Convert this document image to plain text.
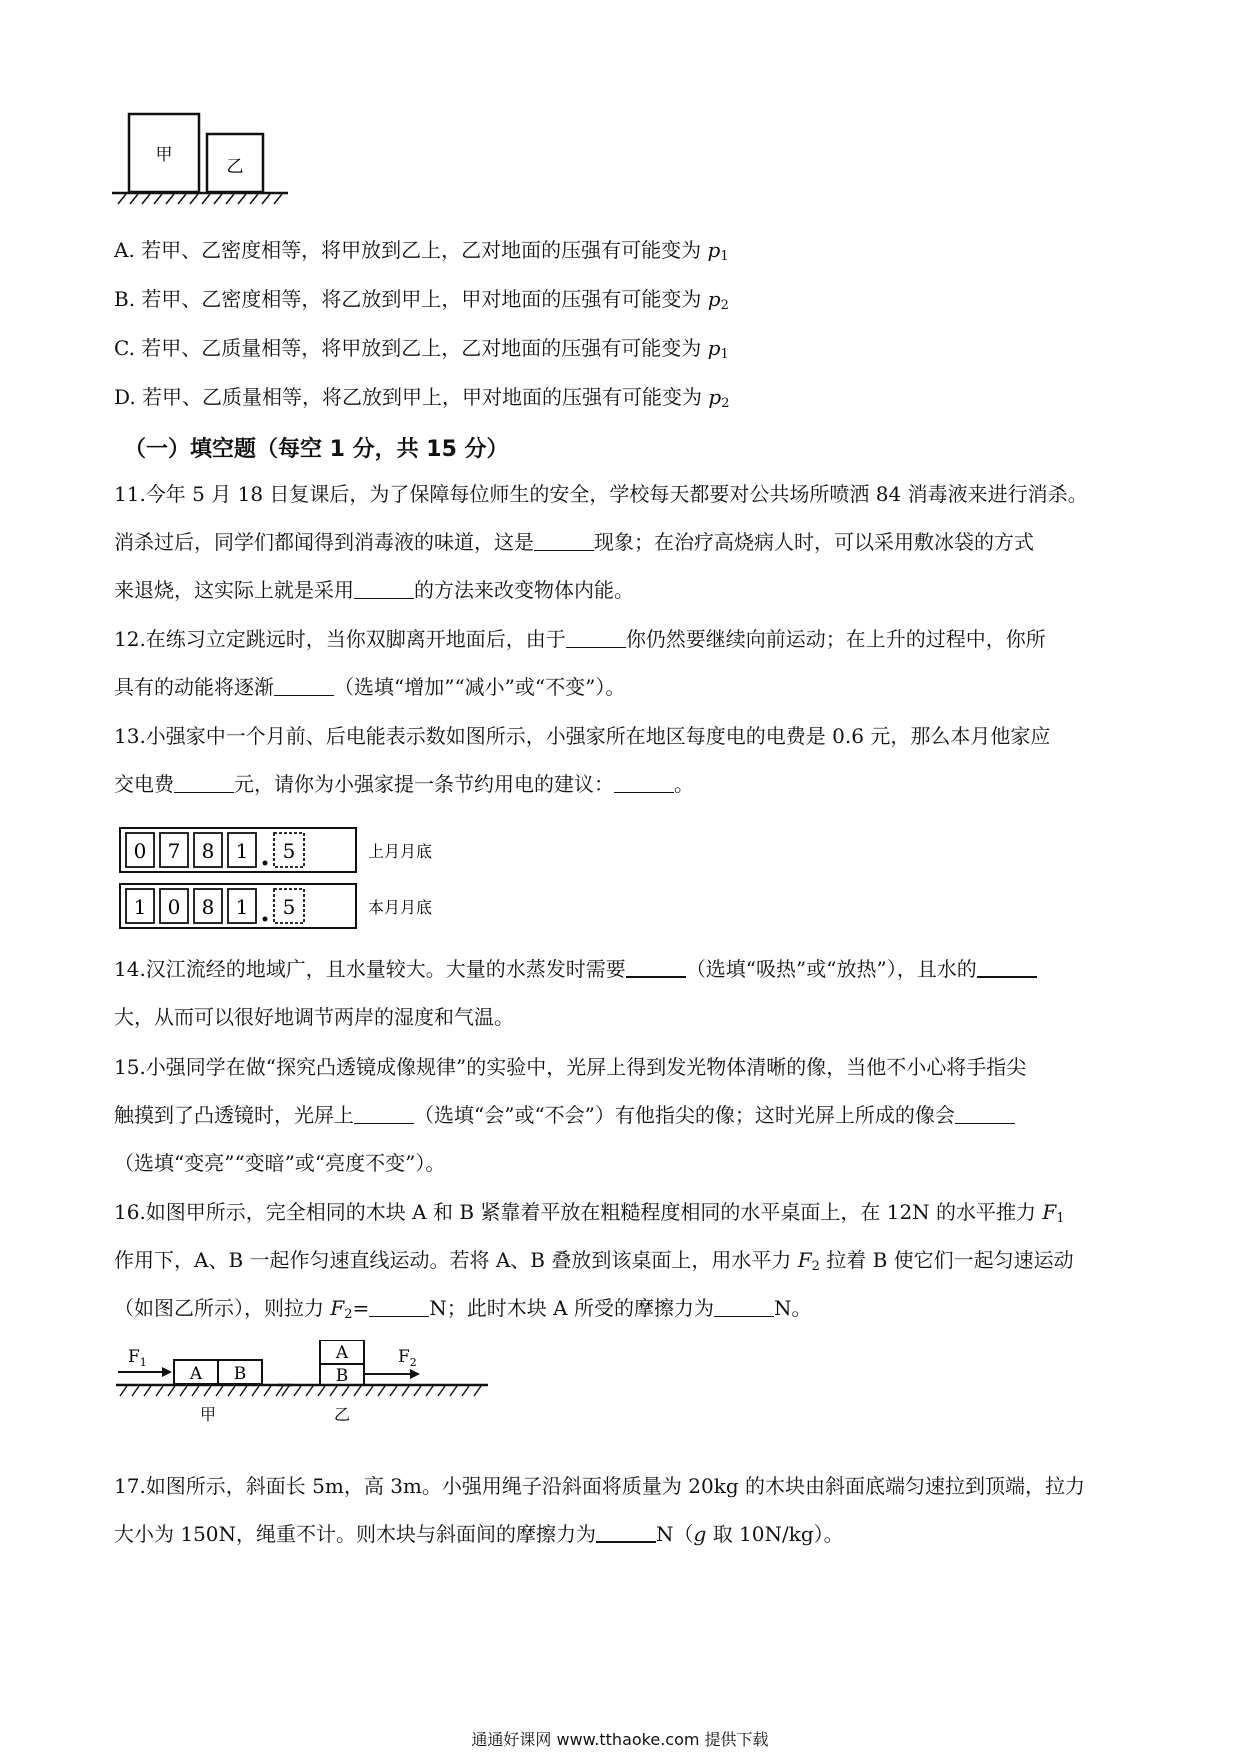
甲
乙
A. 若甲、乙密度相等，将甲放到乙上，乙对地面的压强有可能变为 $p_1$
B. 若甲、乙密度相等，将乙放到甲上，甲对地面的压强有可能变为 $p_2$
C. 若甲、乙质量相等，将甲放到乙上，乙对地面的压强有可能变为 $p_1$
D. 若甲、乙质量相等，将乙放到甲上，甲对地面的压强有可能变为 $p_2$
（一）填空题（每空 1 分，共 15 分）
11.今年 5 月 18 日复课后，为了保障每位师生的安全，学校每天都要对公共场所喷洒 84 消毒液来进行消杀。
消杀过后，同学们都闻得到消毒液的味道，这是	现象；在治疗高烧病人时，可以采用敷冰袋的方式
来退烧，这实际上就是采用	的方法来改变物体内能。
12.在练习立定跳远时，当你双脚离开地面后，由于	你仍然要继续向前运动；在上升的过程中，你所
具有的动能将逐渐	（选填“增加”“减小”或“不变”）。
13.小强家中一个月前、后电能表示数如图所示，小强家所在地区每度电的电费是 0.6 元，那么本月他家应
交电费	元，请你为小强家提一条节约用电的建议：	。
0 7 8 1 5	上月月底
1 0 8 1 5	本月月底
14.汉江流经的地域广，且水量较大。大量的水蒸发时需要	（选填“吸热”或“放热”），且水的
大，从而可以很好地调节两岸的湿度和气温。
15.小强同学在做“探究凸透镜成像规律”的实验中，光屏上得到发光物体清晰的像，当他不小心将手指尖
触摸到了凸透镜时，光屏上	（选填“会”或“不会”）有他指尖的像；这时光屏上所成的像会
（选填“变亮”“变暗”或“亮度不变”）。
16.如图甲所示，完全相同的木块 A 和 B 紧靠着平放在粗糙程度相同的水平桌面上，在 12N 的水平推力 $F_1$
作用下，A、B 一起作匀速直线运动。若将 A、B 叠放到该桌面上，用水平力 $F_2$ 拉着 B 使它们一起匀速运动
（如图乙所示），则拉力 $F_2=$	N；此时木块 A 所受的摩擦力为	N。
$F_1$
A B
甲
A
B
$F_2$
乙
17.如图所示，斜面长 5m，高 3m。小强用绳子沿斜面将质量为 20kg 的木块由斜面底端匀速拉到顶端，拉力
大小为 150N，绳重不计。则木块与斜面间的摩擦力为	N（g 取 10N/kg）。
通通好课网 www.tthaoke.com 提供下载
